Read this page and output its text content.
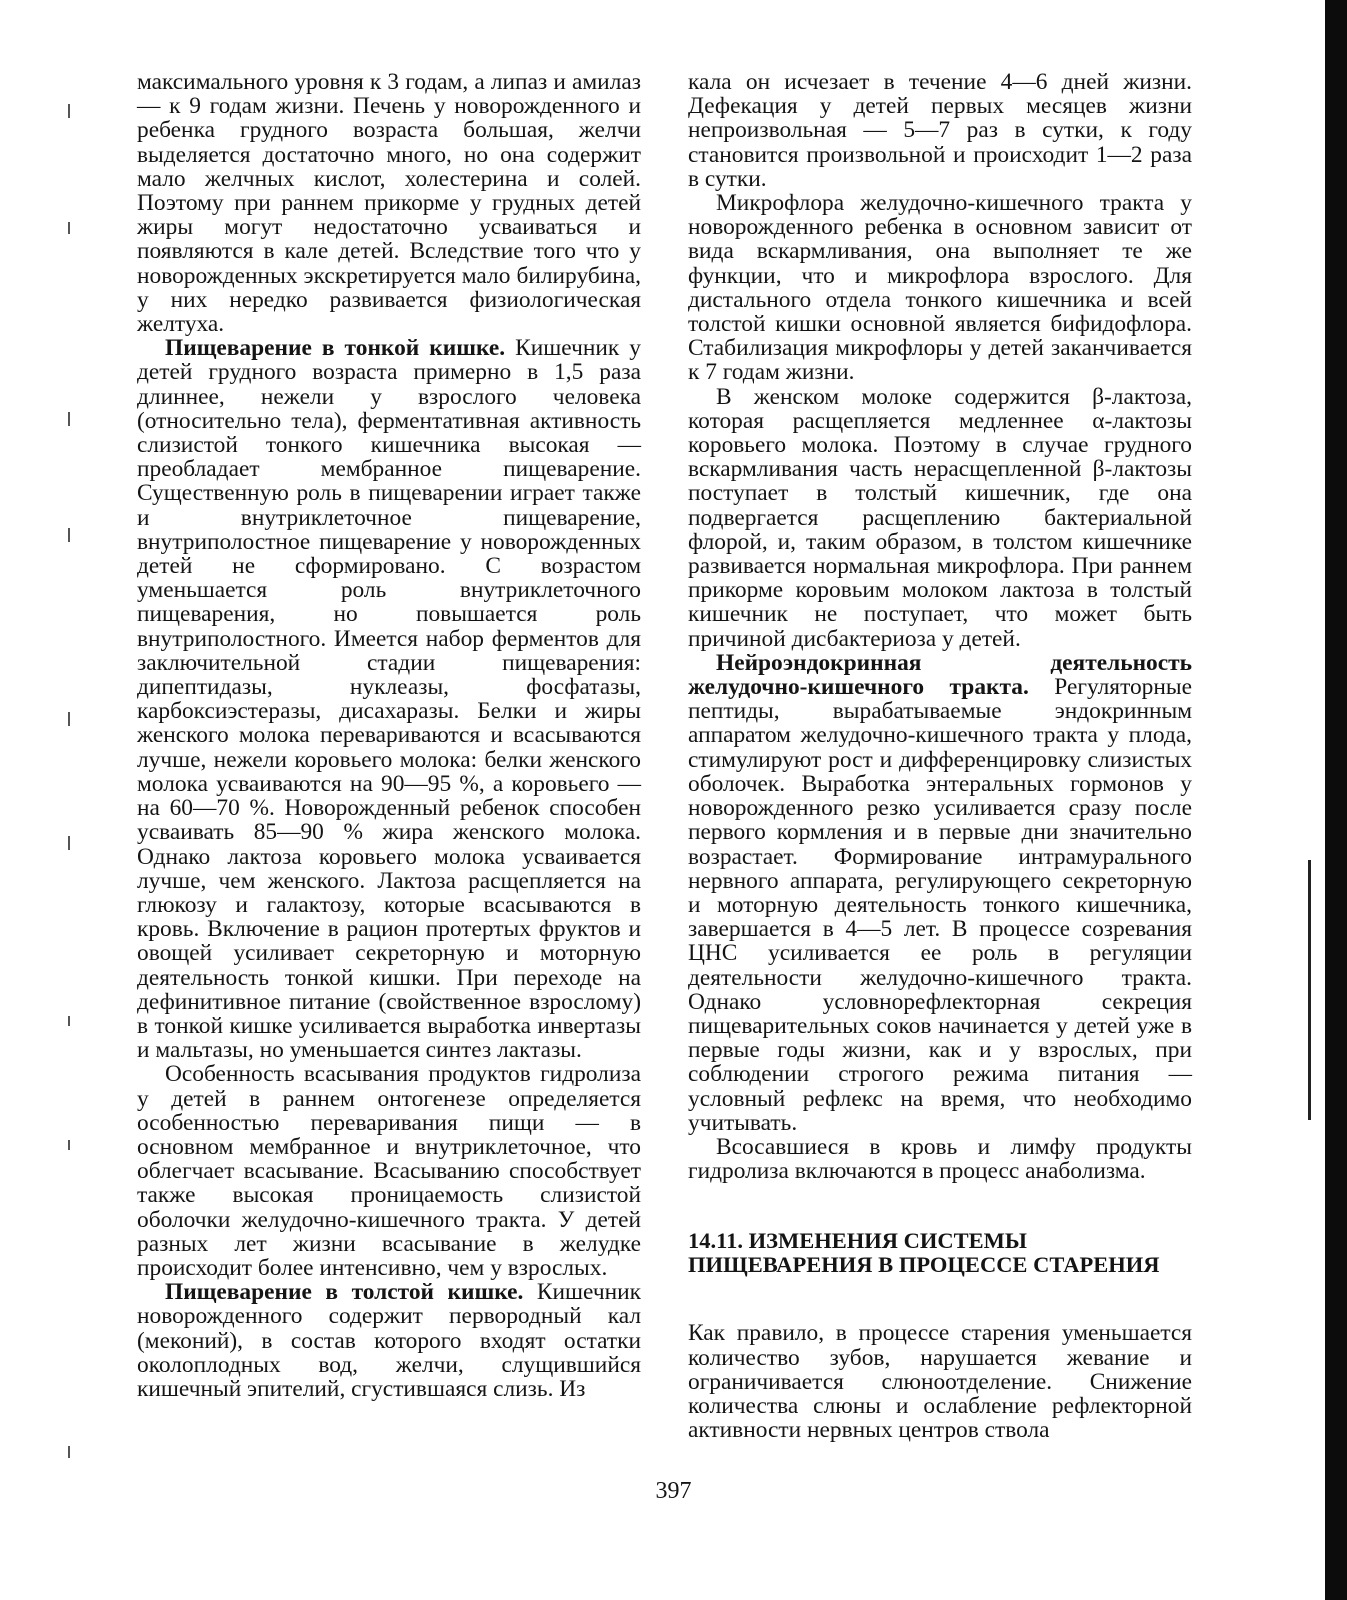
максимального уровня к 3 годам, а липаз и амилаз — к 9 годам жизни. Печень у новорожденного и ребенка грудного возраста большая, желчи выделяется достаточно много, но она содержит мало желчных кислот, холестерина и солей. Поэтому при раннем прикорме у грудных детей жиры могут недостаточно усваиваться и появляются в кале детей. Вследствие того что у новорожденных экскретируется мало билирубина, у них нередко развивается физиологическая желтуха.

Пищеварение в тонкой кишке. Кишечник у детей грудного возраста примерно в 1,5 раза длиннее, нежели у взрослого человека (относительно тела), ферментативная активность слизистой тонкого кишечника высокая — преобладает мембранное пищеварение. Существенную роль в пищеварении играет также и внутриклеточное пищеварение, внутриполостное пищеварение у новорожденных детей не сформировано. С возрастом уменьшается роль внутриклеточного пищеварения, но повышается роль внутриполостного. Имеется набор ферментов для заключительной стадии пищеварения: дипептидазы, нуклеазы, фосфатазы, карбоксиэстеразы, дисахаразы. Белки и жиры женского молока перевариваются и всасываются лучше, нежели коровьего молока: белки женского молока усваиваются на 90—95 %, а коровьего — на 60—70 %. Новорожденный ребенок способен усваивать 85—90 % жира женского молока. Однако лактоза коровьего молока усваивается лучше, чем женского. Лактоза расщепляется на глюкозу и галактозу, которые всасываются в кровь. Включение в рацион протертых фруктов и овощей усиливает секреторную и моторную деятельность тонкой кишки. При переходе на дефинитивное питание (свойственное взрослому) в тонкой кишке усиливается выработка инвертазы и мальтазы, но уменьшается синтез лактазы.

Особенность всасывания продуктов гидролиза у детей в раннем онтогенезе определяется особенностью переваривания пищи — в основном мембранное и внутриклеточное, что облегчает всасывание. Всасыванию способствует также высокая проницаемость слизистой оболочки желудочно-кишечного тракта. У детей разных лет жизни всасывание в желудке происходит более интенсивно, чем у взрослых.

Пищеварение в толстой кишке. Кишечник новорожденного содержит первородный кал (меконий), в состав которого входят остатки околоплодных вод, желчи, слущившийся кишечный эпителий, сгустившаяся слизь. Из

кала он исчезает в течение 4—6 дней жизни. Дефекация у детей первых месяцев жизни непроизвольная — 5—7 раз в сутки, к году становится произвольной и происходит 1—2 раза в сутки.

Микрофлора желудочно-кишечного тракта у новорожденного ребенка в основном зависит от вида вскармливания, она выполняет те же функции, что и микрофлора взрослого. Для дистального отдела тонкого кишечника и всей толстой кишки основной является бифидофлора. Стабилизация микрофлоры у детей заканчивается к 7 годам жизни.

В женском молоке содержится β-лактоза, которая расщепляется медленнее α-лактозы коровьего молока. Поэтому в случае грудного вскармливания часть нерасщепленной β-лактозы поступает в толстый кишечник, где она подвергается расщеплению бактериальной флорой, и, таким образом, в толстом кишечнике развивается нормальная микрофлора. При раннем прикорме коровьим молоком лактоза в толстый кишечник не поступает, что может быть причиной дисбактериоза у детей.

Нейроэндокринная деятельность желудочно-кишечного тракта. Регуляторные пептиды, вырабатываемые эндокринным аппаратом желудочно-кишечного тракта у плода, стимулируют рост и дифференцировку слизистых оболочек. Выработка энтеральных гормонов у новорожденного резко усиливается сразу после первого кормления и в первые дни значительно возрастает. Формирование интрамурального нервного аппарата, регулирующего секреторную и моторную деятельность тонкого кишечника, завершается в 4—5 лет. В процессе созревания ЦНС усиливается ее роль в регуляции деятельности желудочно-кишечного тракта. Однако условнорефлекторная секреция пищеварительных соков начинается у детей уже в первые годы жизни, как и у взрослых, при соблюдении строгого режима питания — условный рефлекс на время, что необходимо учитывать.

Всосавшиеся в кровь и лимфу продукты гидролиза включаются в процесс анаболизма.

14.11. ИЗМЕНЕНИЯ СИСТЕМЫ
ПИЩЕВАРЕНИЯ В ПРОЦЕССЕ СТАРЕНИЯ

Как правило, в процессе старения уменьшается количество зубов, нарушается жевание и ограничивается слюноотделение. Снижение количества слюны и ослабление рефлекторной активности нервных центров ствола

397
